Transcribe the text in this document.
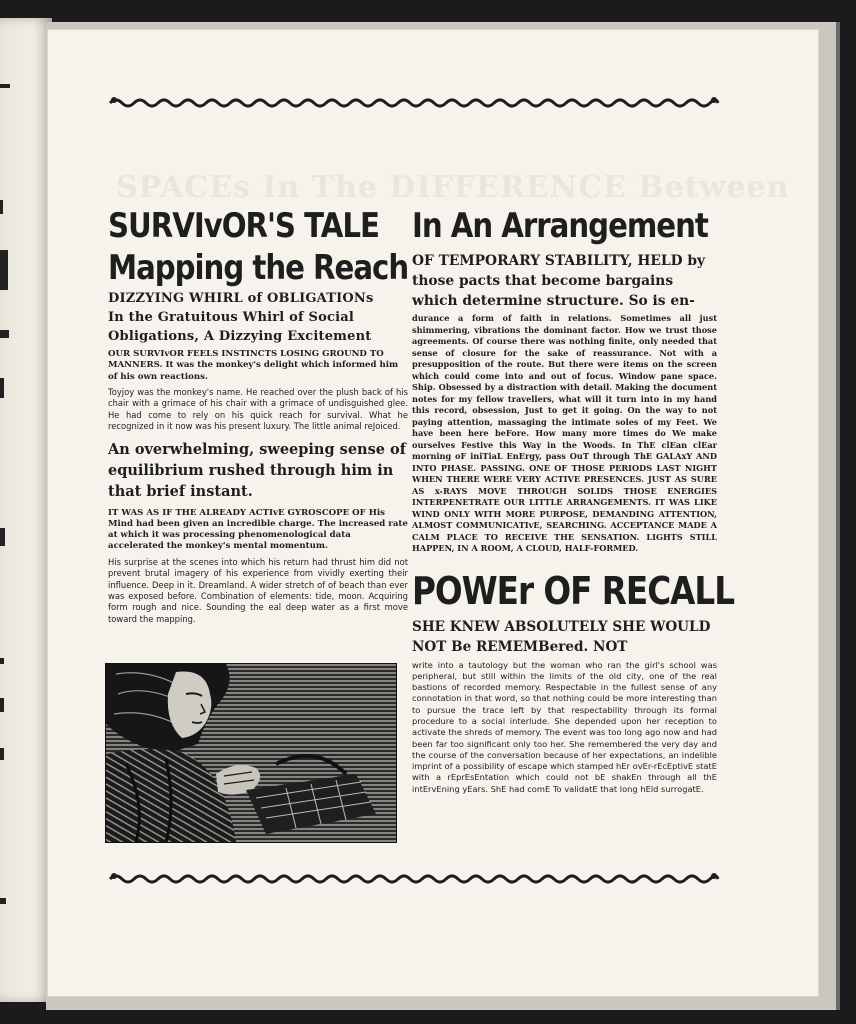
SPACEs In The DIFFERENCE Between
SURVIvOR'S TALE
Mapping the Reach
DIZZYING WHIRL of OBLIGATIONs
In the Gratuitous Whirl of Social Obligations, A Dizzying Excitement

OUR SURVIvOR FEELS INSTINCTS LOSING GROUND TO MANNERS. It was the monkey's delight which informed him of his own reactions.

Toyjoy was the monkey's name. He reached over the plush back of his chair with a grimace of his chair with a grimace of undisguished glee. He had come to rely on his quick reach for survival. What he recognized in it now was his present luxury. The little animal reJoiced.

An overwhelming, sweeping sense of equilibrium rushed through him in that brief instant.

IT WAS AS IF THE ALREADY ACTIvE GYROSCOPE OF His Mind had been given an incredible charge. The increased rate at which it was processing phenomenological data accelerated the monkey's mental momentum.

His surprise at the scenes into which his return had thrust him did not prevent brutal imagery of his experience from vividly exerting their influence. Deep in it. Dreamland. A wider stretch of of beach than ever was exposed before. Combination of elements: tide, moon. Acquiring form rough and nice. Sounding the eal deep water as a first move toward the mapping.

In An Arrangement
OF TEMPORARY STABILITY, HELD by those pacts that become bargains which determine structure. So is en-

durance a form of faith in relations. Sometimes all just shimmering, vibrations the dominant factor. How we trust those agreements. Of course there was nothing finite, only needed that sense of closure for the sake of reassurance. Not with a presupposition of the route. But there were items on the screen which could come into and out of focus. Window pane space. Ship. Obsessed by a distraction with detail. Making the document notes for my fellow travellers, what will it turn into in my hand this record, obsession, Just to get it going. On the way to not paying attention, massaging the intimate soles of my Feet. We have been here beFore. How many more times do We make ourselves Festive this Way in the Woods. In ThE clEan clEar morning oF iniTiaL EnErgy, pass OuT through ThE GALAxY AND INTO PHASE. PASSING. ONE OF THOSE PERIODS LAST NIGHT WHEN THERE WERE VERY ACTIVE PRESENCES. JUST AS SURE AS x-RAYS MOVE THROUGH SOLIDS THOSE ENERGIES INTERPENETRATE OUR LITTLE ARRANGEMENTS. IT WAS LIKE WIND ONLY WITH MORE PURPOSE, DEMANDING ATTENTION, ALMOST COMMUNICATIvE, SEARCHING. ACCEPTANCE MADE A CALM PLACE TO RECEIVE THE SENSATION. LIGHTS STILL HAPPEN, IN A ROOM, A CLOUD, HALF-FORMED.

POWEr OF RECALL
SHE KNEW ABSOLUTELY SHE WOULD NOT Be REMEMBered. NOT

write into a tautology but the woman who ran the girl's school was peripheral, but still within the limits of the old city, one of the real bastions of recorded memory. Respectable in the fullest sense of any connotation in that word, so that nothing could be more interesting than to pursue the trace left by that respectability through its formal procedure to a social interlude. She depended upon her reception to activate the shreds of memory. The event was too long ago now and had been far too significant only too her. She remembered the very day and the course of the conversation because of her expectations, an indelible imprint of a possibility of escape which stamped hEr ovEr-rEcEptivE statE with a rEprEsEntation which could not bE shakEn through all thE intErvEning yEars. ShE had comE To validatE that long hEld surrogatE.
